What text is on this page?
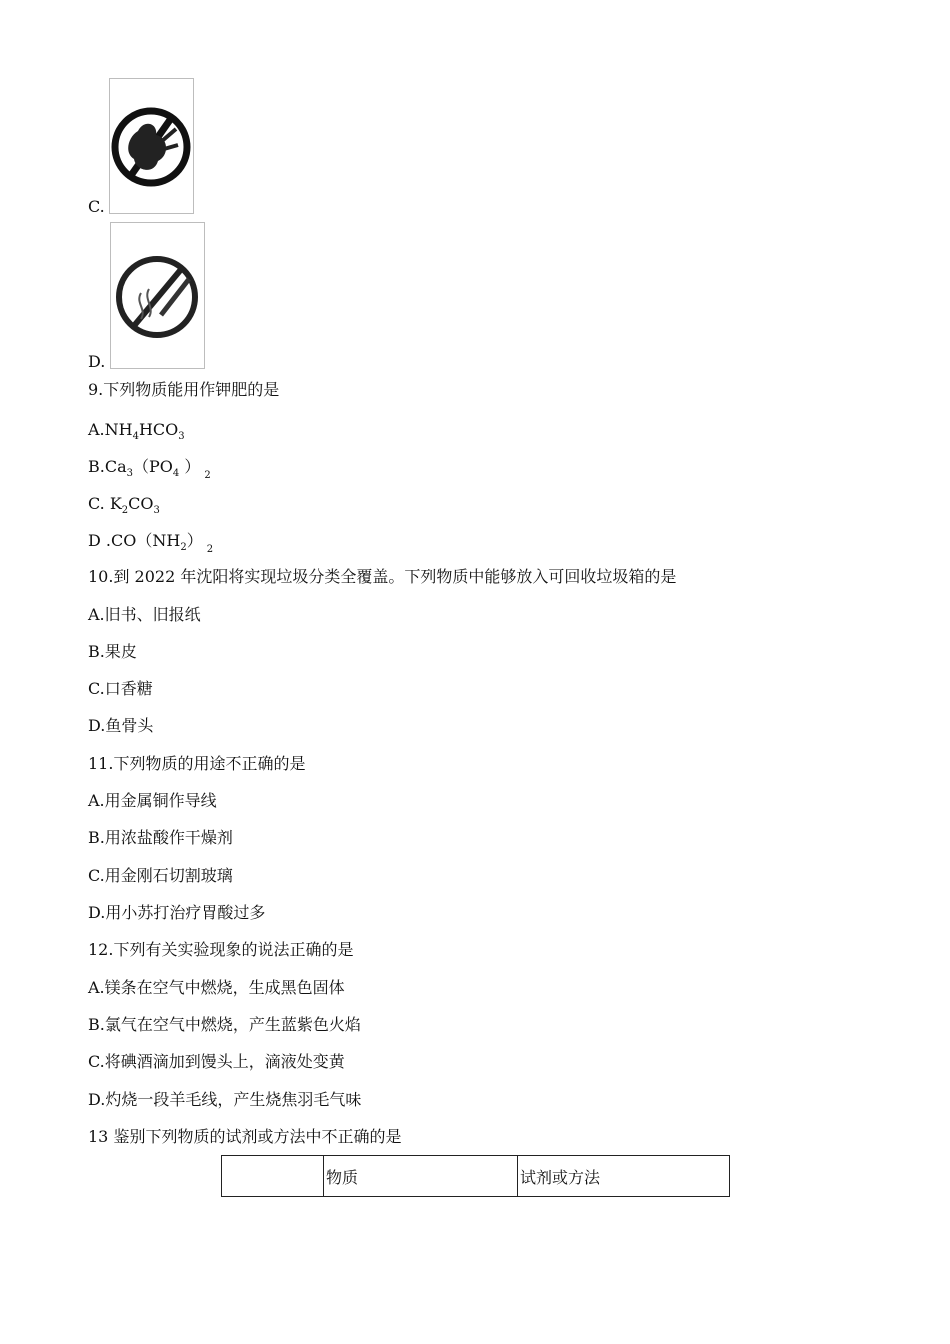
C.
D.
9.下列物质能用作钾肥的是
$A.NH_4HCO_3$
$B.Ca_3(PO_4$ ） $_2$
C. $K_2CO_3$
D $.CO(NH_2)$ $_2$
10.到 2022 年沈阳将实现垃圾分类全覆盖。下列物质中能够放入可回收垃圾箱的是
A.旧书、旧报纸
B.果皮
C.口香糖
D.鱼骨头
11.下列物质的用途不正确的是
A.用金属铜作导线
B.用浓盐酸作干燥剂
C.用金刚石切割玻璃
D.用小苏打治疗胃酸过多
12.下列有关实验现象的说法正确的是
A.镁条在空气中燃烧，生成黑色固体
B.氯气在空气中燃烧，产生蓝紫色火焰
C.将碘酒滴加到馒头上，滴液处变黄
D.灼烧一段羊毛线，产生烧焦羽毛气味
13 鉴别下列物质的试剂或方法中不正确的是
	物质	试剂或方法
